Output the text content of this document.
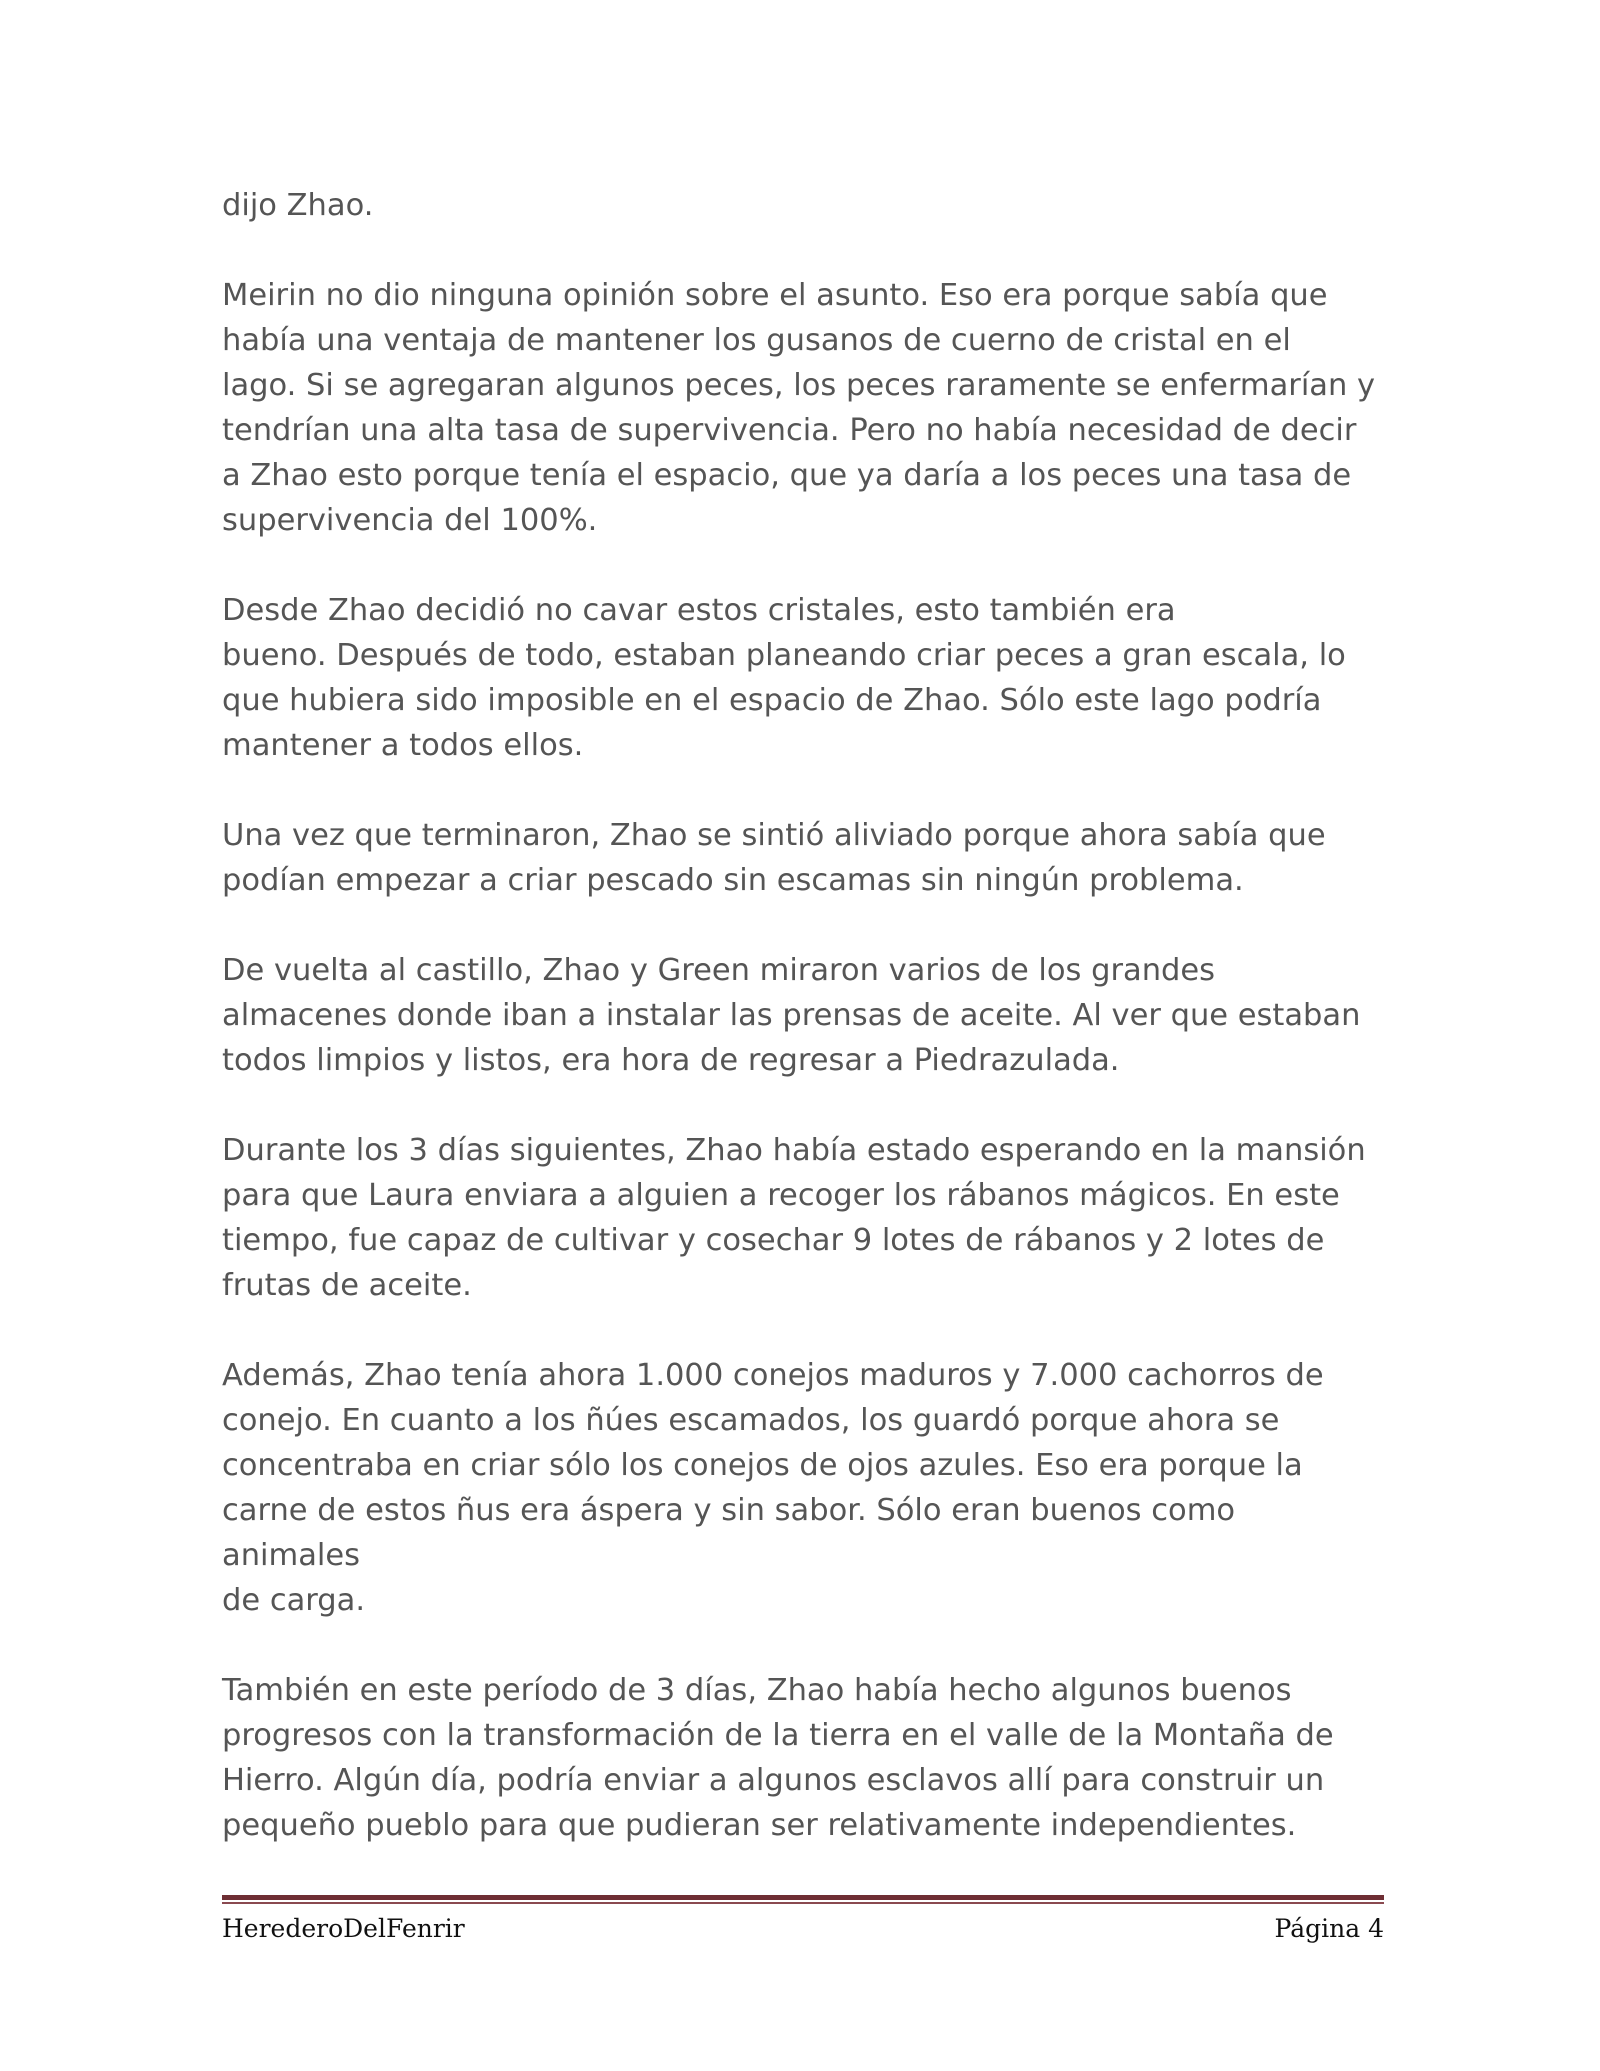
dijo Zhao.

Meirin no dio ninguna opinión sobre el asunto. Eso era porque sabía que
había una ventaja de mantener los gusanos de cuerno de cristal en el
lago. Si se agregaran algunos peces, los peces raramente se enfermarían y
tendrían una alta tasa de supervivencia. Pero no había necesidad de decir
a Zhao esto porque tenía el espacio, que ya daría a los peces una tasa de
supervivencia del 100%.

Desde Zhao decidió no cavar estos cristales, esto también era
bueno. Después de todo, estaban planeando criar peces a gran escala, lo
que hubiera sido imposible en el espacio de Zhao. Sólo este lago podría
mantener a todos ellos.

Una vez que terminaron, Zhao se sintió aliviado porque ahora sabía que
podían empezar a criar pescado sin escamas sin ningún problema.

De vuelta al castillo, Zhao y Green miraron varios de los grandes
almacenes donde iban a instalar las prensas de aceite. Al ver que estaban
todos limpios y listos, era hora de regresar a Piedrazulada.

Durante los 3 días siguientes, Zhao había estado esperando en la mansión
para que Laura enviara a alguien a recoger los rábanos mágicos. En este
tiempo, fue capaz de cultivar y cosechar 9 lotes de rábanos y 2 lotes de
frutas de aceite.

Además, Zhao tenía ahora 1.000 conejos maduros y 7.000 cachorros de
conejo. En cuanto a los ñúes escamados, los guardó porque ahora se
concentraba en criar sólo los conejos de ojos azules. Eso era porque la
carne de estos ñus era áspera y sin sabor. Sólo eran buenos como animales
de carga.

También en este período de 3 días, Zhao había hecho algunos buenos
progresos con la transformación de la tierra en el valle de la Montaña de
Hierro. Algún día, podría enviar a algunos esclavos allí para construir un
pequeño pueblo para que pudieran ser relativamente independientes.

HerederoDelFenrir	Página 4
